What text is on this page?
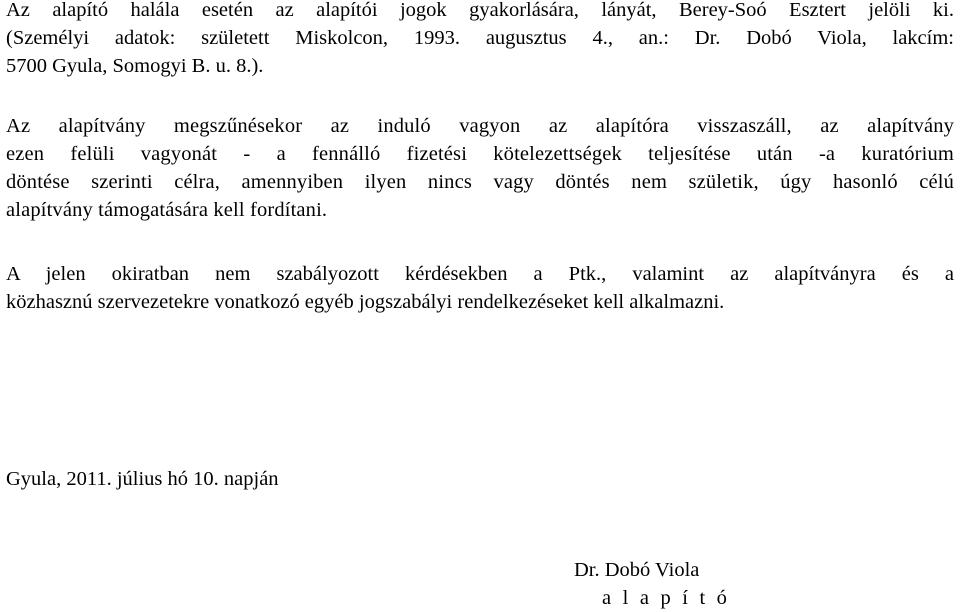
Az alapító halála esetén az alapítói jogok gyakorlására, lányát, Berey-Soó Esztert jelöli ki.
(Személyi adatok: született Miskolcon, 1993. augusztus 4., an.: Dr. Dobó Viola, lakcím:
5700 Gyula, Somogyi B. u. 8.).

Az alapítvány megszűnésekor az induló vagyon az alapítóra visszaszáll, az alapítvány
ezen felüli vagyonát - a fennálló fizetési kötelezettségek teljesítése után -a kuratórium
döntése szerinti célra, amennyiben ilyen nincs vagy döntés nem születik, úgy hasonló célú
alapítvány támogatására kell fordítani.

A jelen okiratban nem szabályozott kérdésekben a Ptk., valamint az alapítványra és a
közhasznú szervezetekre vonatkozó egyéb jogszabályi rendelkezéseket kell alkalmazni.

Gyula, 2011. július hó 10. napján

Dr. Dobó Viola
a l a p í t ó
